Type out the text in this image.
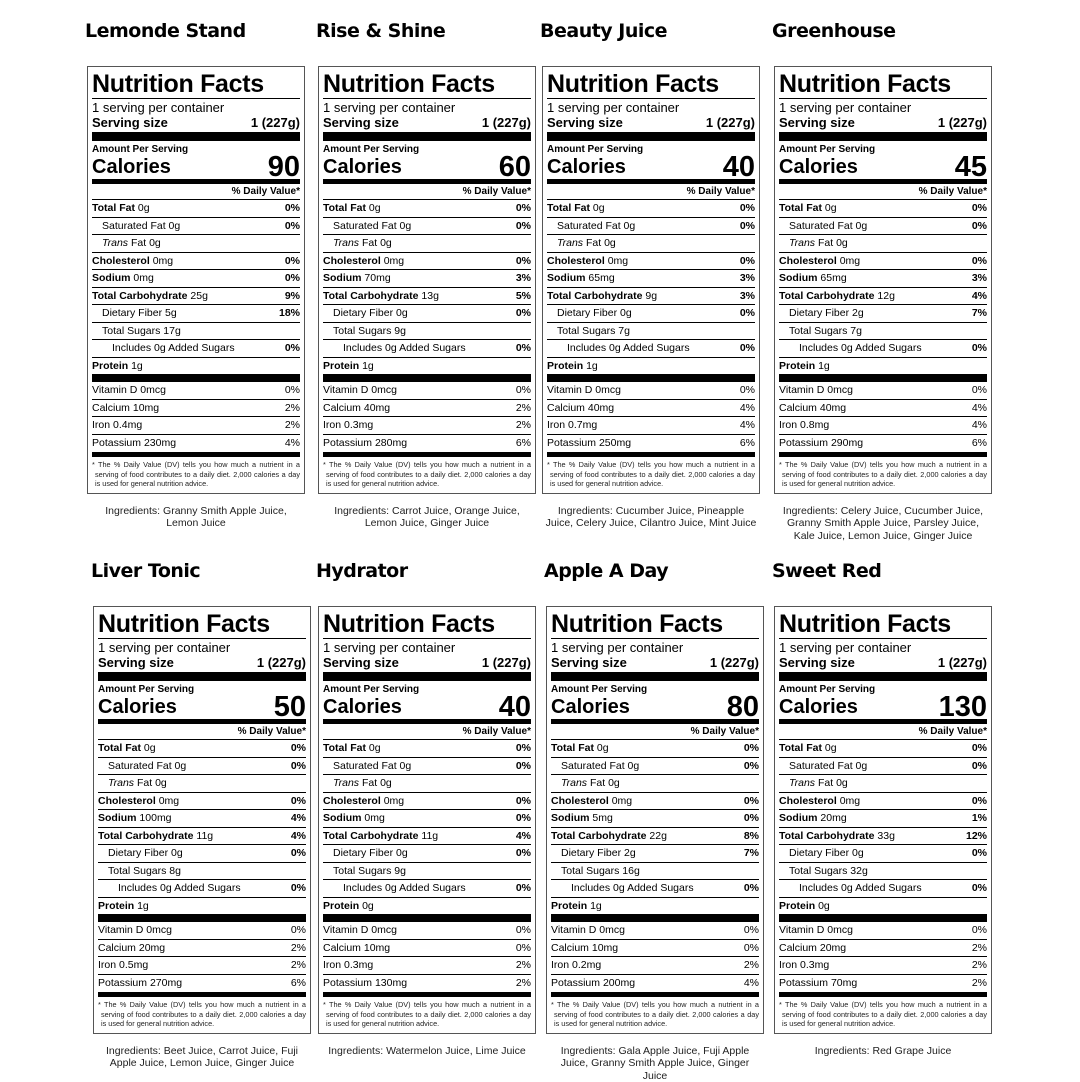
Lemonde Stand
Nutrition Facts
1 serving per container
Serving size	1 (227g)
Amount Per Serving
Calories	90
% Daily Value*
Total Fat 0g	0%
Saturated Fat 0g	0%
Trans Fat 0g
Cholesterol 0mg	0%
Sodium 0mg	0%
Total Carbohydrate 25g	9%
Dietary Fiber 5g	18%
Total Sugars 17g
Includes 0g Added Sugars	0%
Protein 1g
Vitamin D 0mcg	0%
Calcium 10mg	2%
Iron 0.4mg	2%
Potassium 230mg	4%
* The % Daily Value (DV) tells you how much a nutrient in a serving of food contributes to a daily diet. 2,000 calories a day is used for general nutrition advice.
Ingredients: Granny Smith Apple Juice, Lemon Juice
Rise & Shine
Nutrition Facts
1 serving per container
Serving size	1 (227g)
Amount Per Serving
Calories	60
% Daily Value*
Total Fat 0g	0%
Saturated Fat 0g	0%
Trans Fat 0g
Cholesterol 0mg	0%
Sodium 70mg	3%
Total Carbohydrate 13g	5%
Dietary Fiber 0g	0%
Total Sugars 9g
Includes 0g Added Sugars	0%
Protein 1g
Vitamin D 0mcg	0%
Calcium 40mg	2%
Iron 0.3mg	2%
Potassium 280mg	6%
* The % Daily Value (DV) tells you how much a nutrient in a serving of food contributes to a daily diet. 2,000 calories a day is used for general nutrition advice.
Ingredients: Carrot Juice, Orange Juice, Lemon Juice, Ginger Juice
Beauty Juice
Nutrition Facts
1 serving per container
Serving size	1 (227g)
Amount Per Serving
Calories	40
% Daily Value*
Total Fat 0g	0%
Saturated Fat 0g	0%
Trans Fat 0g
Cholesterol 0mg	0%
Sodium 65mg	3%
Total Carbohydrate 9g	3%
Dietary Fiber 0g	0%
Total Sugars 7g
Includes 0g Added Sugars	0%
Protein 1g
Vitamin D 0mcg	0%
Calcium 40mg	4%
Iron 0.7mg	4%
Potassium 250mg	6%
* The % Daily Value (DV) tells you how much a nutrient in a serving of food contributes to a daily diet. 2,000 calories a day is used for general nutrition advice.
Ingredients: Cucumber Juice, Pineapple Juice, Celery Juice, Cilantro Juice, Mint Juice
Greenhouse
Nutrition Facts
1 serving per container
Serving size	1 (227g)
Amount Per Serving
Calories	45
% Daily Value*
Total Fat 0g	0%
Saturated Fat 0g	0%
Trans Fat 0g
Cholesterol 0mg	0%
Sodium 65mg	3%
Total Carbohydrate 12g	4%
Dietary Fiber 2g	7%
Total Sugars 7g
Includes 0g Added Sugars	0%
Protein 1g
Vitamin D 0mcg	0%
Calcium 40mg	4%
Iron 0.8mg	4%
Potassium 290mg	6%
* The % Daily Value (DV) tells you how much a nutrient in a serving of food contributes to a daily diet. 2,000 calories a day is used for general nutrition advice.
Ingredients: Celery Juice, Cucumber Juice, Granny Smith Apple Juice, Parsley Juice, Kale Juice, Lemon Juice, Ginger Juice
Liver Tonic
Nutrition Facts
1 serving per container
Serving size	1 (227g)
Amount Per Serving
Calories	50
% Daily Value*
Total Fat 0g	0%
Saturated Fat 0g	0%
Trans Fat 0g
Cholesterol 0mg	0%
Sodium 100mg	4%
Total Carbohydrate 11g	4%
Dietary Fiber 0g	0%
Total Sugars 8g
Includes 0g Added Sugars	0%
Protein 1g
Vitamin D 0mcg	0%
Calcium 20mg	2%
Iron 0.5mg	2%
Potassium 270mg	6%
* The % Daily Value (DV) tells you how much a nutrient in a serving of food contributes to a daily diet. 2,000 calories a day is used for general nutrition advice.
Ingredients: Beet Juice, Carrot Juice, Fuji Apple Juice, Lemon Juice, Ginger Juice
Hydrator
Nutrition Facts
1 serving per container
Serving size	1 (227g)
Amount Per Serving
Calories	40
% Daily Value*
Total Fat 0g	0%
Saturated Fat 0g	0%
Trans Fat 0g
Cholesterol 0mg	0%
Sodium 0mg	0%
Total Carbohydrate 11g	4%
Dietary Fiber 0g	0%
Total Sugars 9g
Includes 0g Added Sugars	0%
Protein 0g
Vitamin D 0mcg	0%
Calcium 10mg	0%
Iron 0.3mg	2%
Potassium 130mg	2%
* The % Daily Value (DV) tells you how much a nutrient in a serving of food contributes to a daily diet. 2,000 calories a day is used for general nutrition advice.
Ingredients: Watermelon Juice, Lime Juice
Apple A Day
Nutrition Facts
1 serving per container
Serving size	1 (227g)
Amount Per Serving
Calories	80
% Daily Value*
Total Fat 0g	0%
Saturated Fat 0g	0%
Trans Fat 0g
Cholesterol 0mg	0%
Sodium 5mg	0%
Total Carbohydrate 22g	8%
Dietary Fiber 2g	7%
Total Sugars 16g
Includes 0g Added Sugars	0%
Protein 1g
Vitamin D 0mcg	0%
Calcium 10mg	0%
Iron 0.2mg	2%
Potassium 200mg	4%
* The % Daily Value (DV) tells you how much a nutrient in a serving of food contributes to a daily diet. 2,000 calories a day is used for general nutrition advice.
Ingredients: Gala Apple Juice, Fuji Apple Juice, Granny Smith Apple Juice, Ginger Juice
Sweet Red
Nutrition Facts
1 serving per container
Serving size	1 (227g)
Amount Per Serving
Calories	130
% Daily Value*
Total Fat 0g	0%
Saturated Fat 0g	0%
Trans Fat 0g
Cholesterol 0mg	0%
Sodium 20mg	1%
Total Carbohydrate 33g	12%
Dietary Fiber 0g	0%
Total Sugars 32g
Includes 0g Added Sugars	0%
Protein 0g
Vitamin D 0mcg	0%
Calcium 20mg	2%
Iron 0.3mg	2%
Potassium 70mg	2%
* The % Daily Value (DV) tells you how much a nutrient in a serving of food contributes to a daily diet. 2,000 calories a day is used for general nutrition advice.
Ingredients: Red Grape Juice
